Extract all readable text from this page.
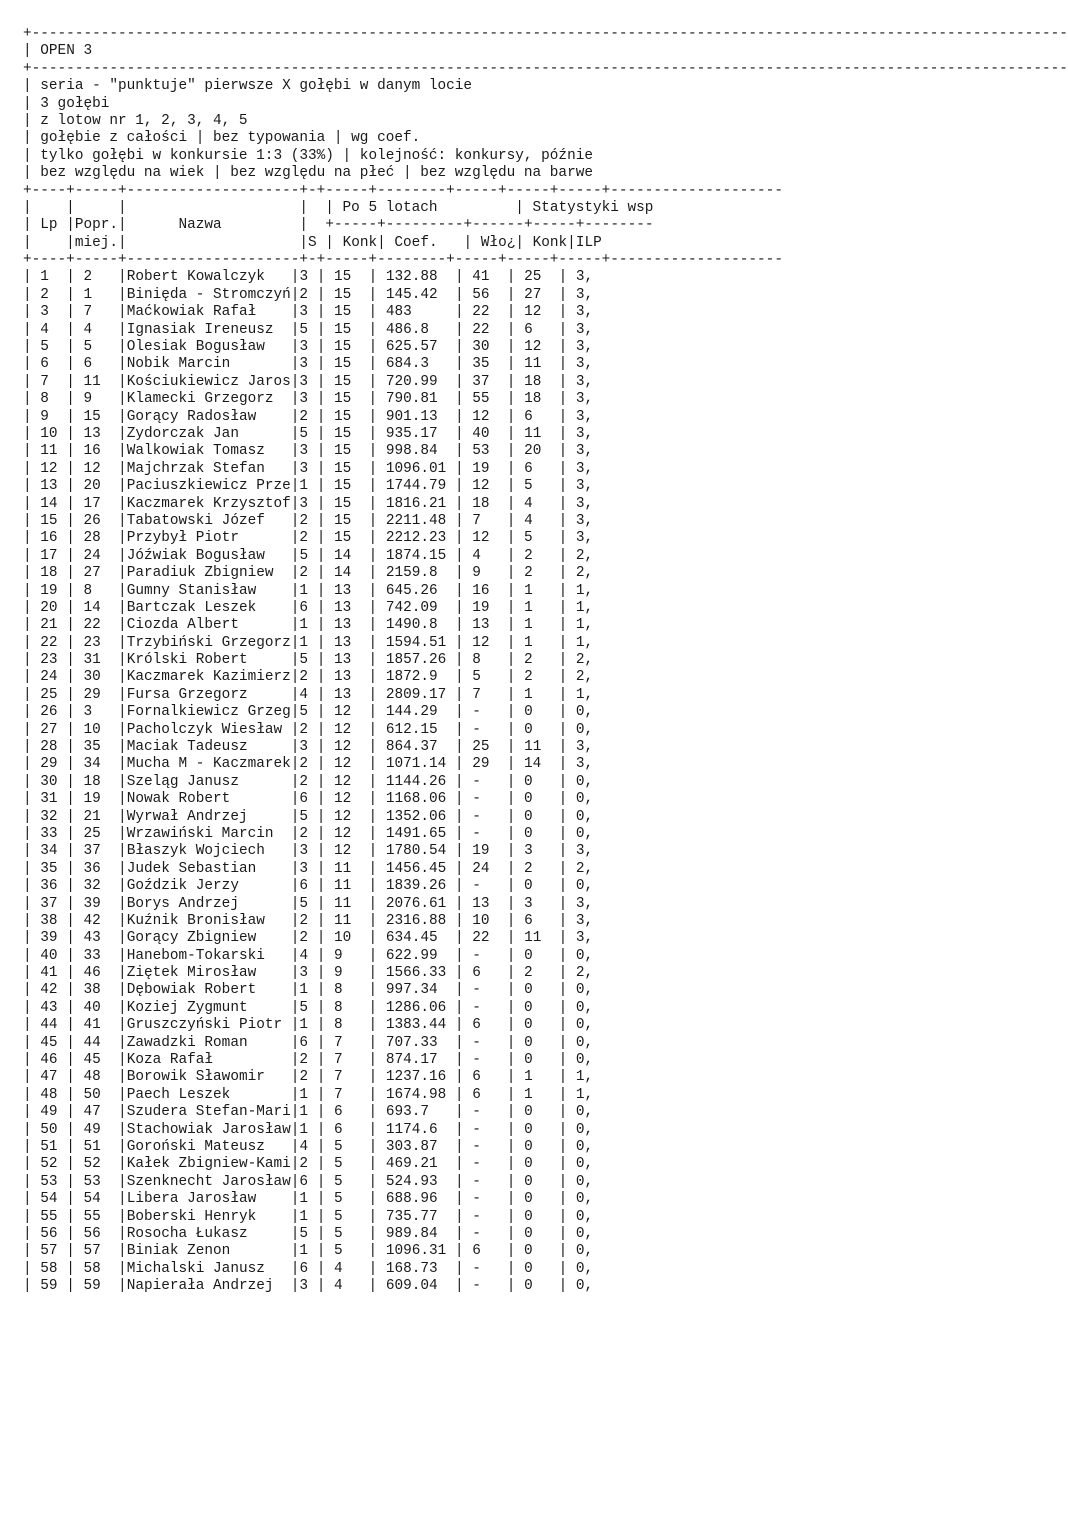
+------------------------------------------------------------------------------------------------------------------------
| OPEN 3
+------------------------------------------------------------------------------------------------------------------------
| seria - "punktuje" pierwsze X gołębi w danym locie
| 3 gołębi
| z lotow nr 1, 2, 3, 4, 5
| gołębie z całości | bez typowania | wg coef.
| tylko gołębi w konkursie 1:3 (33%) | kolejność: konkursy, późnie
| bez względu na wiek | bez względu na płeć | bez względu na barwe
+----+-----+--------------------+-+-----+--------+-----+-----+-----+--------------------
|    |     |                    |  | Po 5 lotach	| Statystyki wsp
| Lp |Popr.|	Nazwa	|  +-----+---------+------+-----+--------
|    |miej.|                    |S | Konk| Coef. | Wło¿| Konk|ILP
+----+-----+--------------------+-+-----+--------+-----+-----+-----+--------------------
| 1 | 2 |Robert Kowalczyk |3 | 15 | 132.88 | 41 | 25 | 3,
| 2 | 1 |Binięda - Stromczyń|2 | 15 | 145.42 | 56 | 27 | 3,
| 3 | 7 |Maćkowiak Rafał |3 | 15 | 483	| 22 | 12 | 3,
| 4 | 4 |Ignasiak Ireneusz |5 | 15 | 486.8 | 22 | 6 | 3,
| 5 | 5 |Olesiak Bogusław |3 | 15 | 625.57 | 30 | 12 | 3,
| 6 | 6 |Nobik Marcin	|3 | 15 | 684.3 | 35 | 11 | 3,
| 7 | 11 |Kościukiewicz Jaros|3 | 15 | 720.99 | 37 | 18 | 3,
| 8 | 9 |Klamecki Grzegorz |3 | 15 | 790.81 | 55 | 18 | 3,
| 9 | 15 |Gorący Radosław |2 | 15 | 901.13 | 12 | 6 | 3,
| 10 | 13 |Zydorczak Jan	|5 | 15 | 935.17 | 40 | 11 | 3,
| 11 | 16 |Walkowiak Tomasz |3 | 15 | 998.84 | 53 | 20 | 3,
| 12 | 12 |Majchrzak Stefan |3 | 15 | 1096.01 | 19 | 6 | 3,
| 13 | 20 |Paciuszkiewicz Prze|1 | 15 | 1744.79 | 12 | 5 | 3,
| 14 | 17 |Kaczmarek Krzysztof|3 | 15 | 1816.21 | 18 | 4 | 3,
| 15 | 26 |Tabatowski Józef |2 | 15 | 2211.48 | 7 | 4 | 3,
| 16 | 28 |Przybył Piotr	|2 | 15 | 2212.23 | 12 | 5 | 3,
| 17 | 24 |Jóźwiak Bogusław |5 | 14 | 1874.15 | 4 | 2 | 2,
| 18 | 27 |Paradiuk Zbigniew |2 | 14 | 2159.8 | 9 | 2 | 2,
| 19 | 8 |Gumny Stanisław |1 | 13 | 645.26 | 16 | 1 | 1,
| 20 | 14 |Bartczak Leszek |6 | 13 | 742.09 | 19 | 1 | 1,
| 21 | 22 |Ciozda Albert	|1 | 13 | 1490.8 | 13 | 1 | 1,
| 22 | 23 |Trzybiński Grzegorz|1 | 13 | 1594.51 | 12 | 1 | 1,
| 23 | 31 |Królski Robert	|5 | 13 | 1857.26 | 8 | 2 | 2,
| 24 | 30 |Kaczmarek Kazimierz|2 | 13 | 1872.9 | 5 | 2 | 2,
| 25 | 29 |Fursa Grzegorz	|4 | 13 | 2809.17 | 7 | 1 | 1,
| 26 | 3 |Fornalkiewicz Grzeg|5 | 12 | 144.29 | - | 0 | 0,
| 27 | 10 |Pacholczyk Wiesław |2 | 12 | 612.15 | - | 0 | 0,
| 28 | 35 |Maciak Tadeusz	|3 | 12 | 864.37 | 25 | 11 | 3,
| 29 | 34 |Mucha M - Kaczmarek|2 | 12 | 1071.14 | 29 | 14 | 3,
| 30 | 18 |Szeląg Janusz	|2 | 12 | 1144.26 | - | 0 | 0,
| 31 | 19 |Nowak Robert	|6 | 12 | 1168.06 | - | 0 | 0,
| 32 | 21 |Wyrwał Andrzej	|5 | 12 | 1352.06 | - | 0 | 0,
| 33 | 25 |Wrzawiński Marcin |2 | 12 | 1491.65 | - | 0 | 0,
| 34 | 37 |Błaszyk Wojciech |3 | 12 | 1780.54 | 19 | 3 | 3,
| 35 | 36 |Judek Sebastian |3 | 11 | 1456.45 | 24 | 2 | 2,
| 36 | 32 |Goździk Jerzy	|6 | 11 | 1839.26 | - | 0 | 0,
| 37 | 39 |Borys Andrzej	|5 | 11 | 2076.61 | 13 | 3 | 3,
| 38 | 42 |Kuźnik Bronisław |2 | 11 | 2316.88 | 10 | 6 | 3,
| 39 | 43 |Gorący Zbigniew |2 | 10 | 634.45 | 22 | 11 | 3,
| 40 | 33 |Hanebom-Tokarski |4 | 9 | 622.99 | - | 0 | 0,
| 41 | 46 |Ziętek Mirosław |3 | 9 | 1566.33 | 6 | 2 | 2,
| 42 | 38 |Dębowiak Robert |1 | 8 | 997.34 | - | 0 | 0,
| 43 | 40 |Koziej Zygmunt	|5 | 8 | 1286.06 | - | 0 | 0,
| 44 | 41 |Gruszczyński Piotr |1 | 8 | 1383.44 | 6 | 0 | 0,
| 45 | 44 |Zawadzki Roman	|6 | 7 | 707.33 | - | 0 | 0,
| 46 | 45 |Koza Rafał	|2 | 7 | 874.17 | - | 0 | 0,
| 47 | 48 |Borowik Sławomir |2 | 7 | 1237.16 | 6 | 1 | 1,
| 48 | 50 |Paech Leszek	|1 | 7 | 1674.98 | 6 | 1 | 1,
| 49 | 47 |Szudera Stefan-Mari|1 | 6 | 693.7 | - | 0 | 0,
| 50 | 49 |Stachowiak Jarosław|1 | 6 | 1174.6 | - | 0 | 0,
| 51 | 51 |Goroński Mateusz |4 | 5 | 303.87 | - | 0 | 0,
| 52 | 52 |Kałek Zbigniew-Kami|2 | 5 | 469.21 | - | 0 | 0,
| 53 | 53 |Szenknecht Jarosław|6 | 5 | 524.93 | - | 0 | 0,
| 54 | 54 |Libera Jarosław |1 | 5 | 688.96 | - | 0 | 0,
| 55 | 55 |Boberski Henryk |1 | 5 | 735.77 | - | 0 | 0,
| 56 | 56 |Rosocha Łukasz	|5 | 5 | 989.84 | - | 0 | 0,
| 57 | 57 |Biniak Zenon	|1 | 5 | 1096.31 | 6 | 0 | 0,
| 58 | 58 |Michalski Janusz |6 | 4 | 168.73 | - | 0 | 0,
| 59 | 59 |Napierała Andrzej |3 | 4 | 609.04 | - | 0 | 0,
